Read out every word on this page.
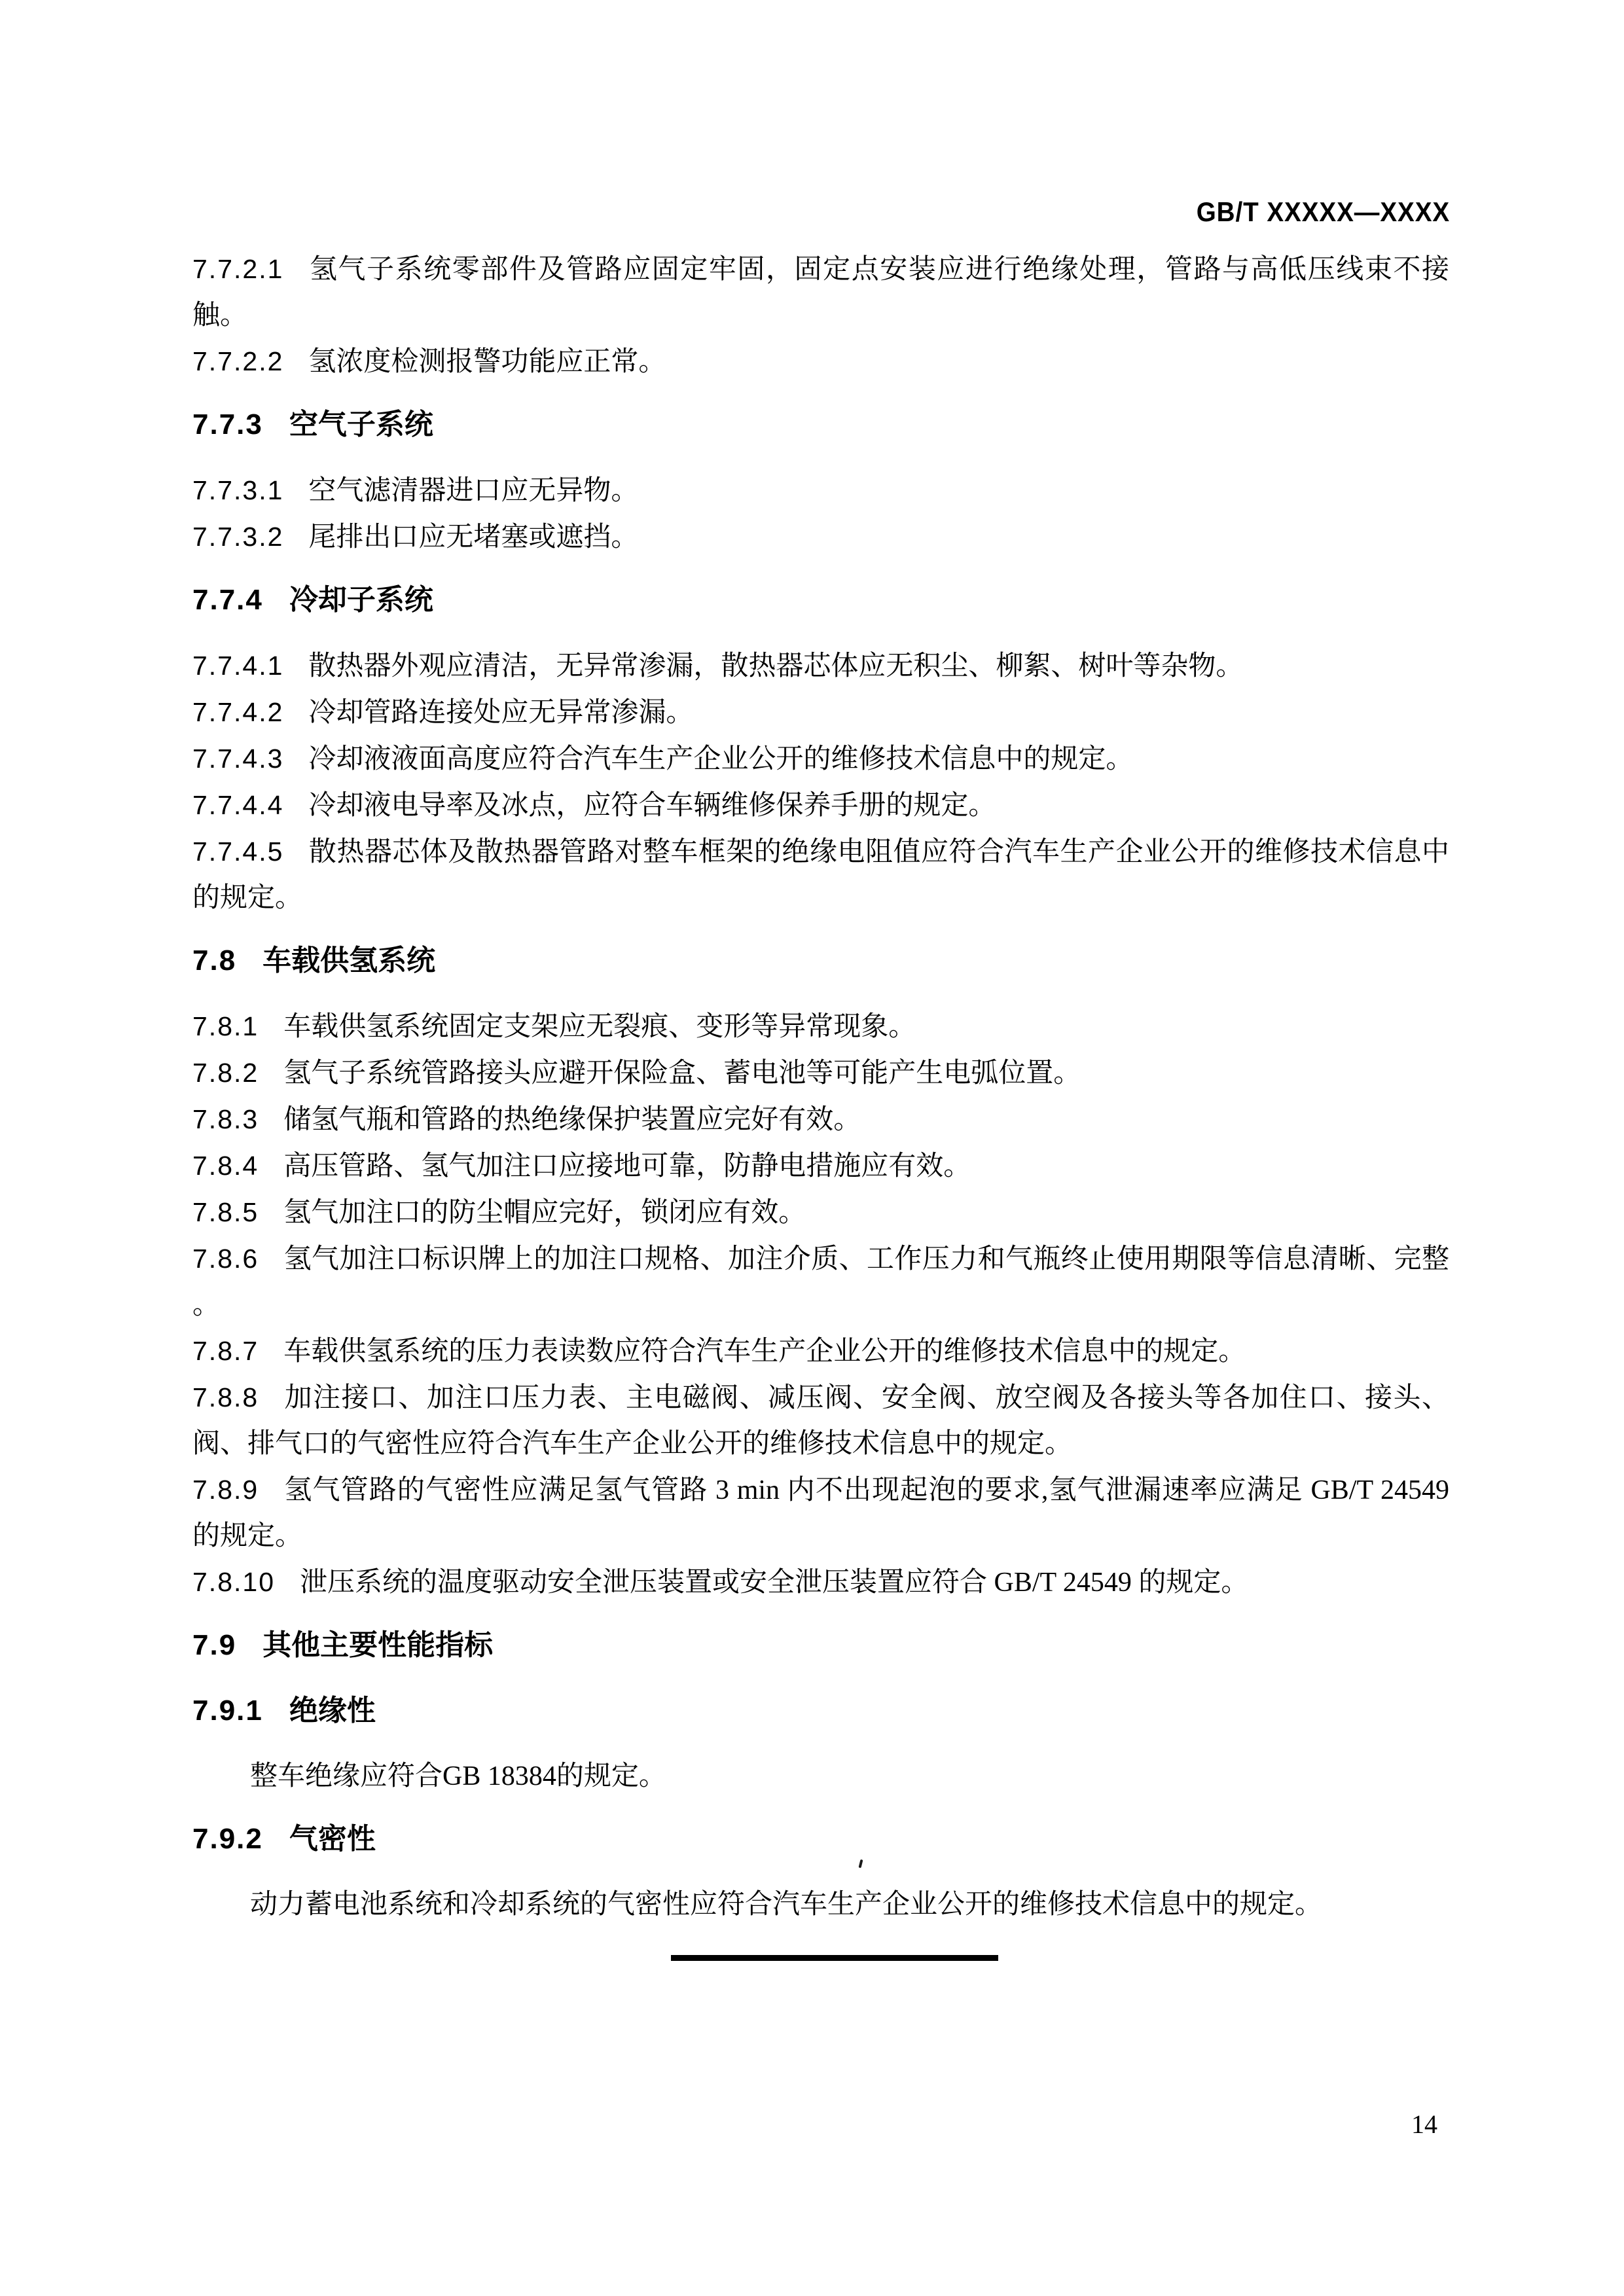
GB/T XXXXX—XXXX

7.7.2.1 氢气子系统零部件及管路应固定牢固，固定点安装应进行绝缘处理，管路与高低压线束不接触。

7.7.2.2 氢浓度检测报警功能应正常。

7.7.3 空气子系统

7.7.3.1 空气滤清器进口应无异物。

7.7.3.2 尾排出口应无堵塞或遮挡。

7.7.4 冷却子系统

7.7.4.1 散热器外观应清洁，无异常渗漏，散热器芯体应无积尘、柳絮、树叶等杂物。

7.7.4.2 冷却管路连接处应无异常渗漏。

7.7.4.3 冷却液液面高度应符合汽车生产企业公开的维修技术信息中的规定。

7.7.4.4 冷却液电导率及冰点，应符合车辆维修保养手册的规定。

7.7.4.5 散热器芯体及散热器管路对整车框架的绝缘电阻值应符合汽车生产企业公开的维修技术信息中的规定。

7.8 车载供氢系统

7.8.1 车载供氢系统固定支架应无裂痕、变形等异常现象。

7.8.2 氢气子系统管路接头应避开保险盒、蓄电池等可能产生电弧位置。

7.8.3 储氢气瓶和管路的热绝缘保护装置应完好有效。

7.8.4 高压管路、氢气加注口应接地可靠，防静电措施应有效。

7.8.5 氢气加注口的防尘帽应完好，锁闭应有效。

7.8.6 氢气加注口标识牌上的加注口规格、加注介质、工作压力和气瓶终止使用期限等信息清晰、完整 。

7.8.7 车载供氢系统的压力表读数应符合汽车生产企业公开的维修技术信息中的规定。

7.8.8 加注接口、加注口压力表、主电磁阀、减压阀、安全阀、放空阀及各接头等各加住口、接头、阀、排气口的气密性应符合汽车生产企业公开的维修技术信息中的规定。

7.8.9 氢气管路的气密性应满足氢气管路 3 min 内不出现起泡的要求,氢气泄漏速率应满足 GB/T 24549 的规定。

7.8.10 泄压系统的温度驱动安全泄压装置或安全泄压装置应符合 GB/T 24549 的规定。

7.9 其他主要性能指标
7.9.1 绝缘性

整车绝缘应符合GB 18384的规定。

7.9.2 气密性

动力蓄电池系统和冷却系统的气密性应符合汽车生产企业公开的维修技术信息中的规定。

14
